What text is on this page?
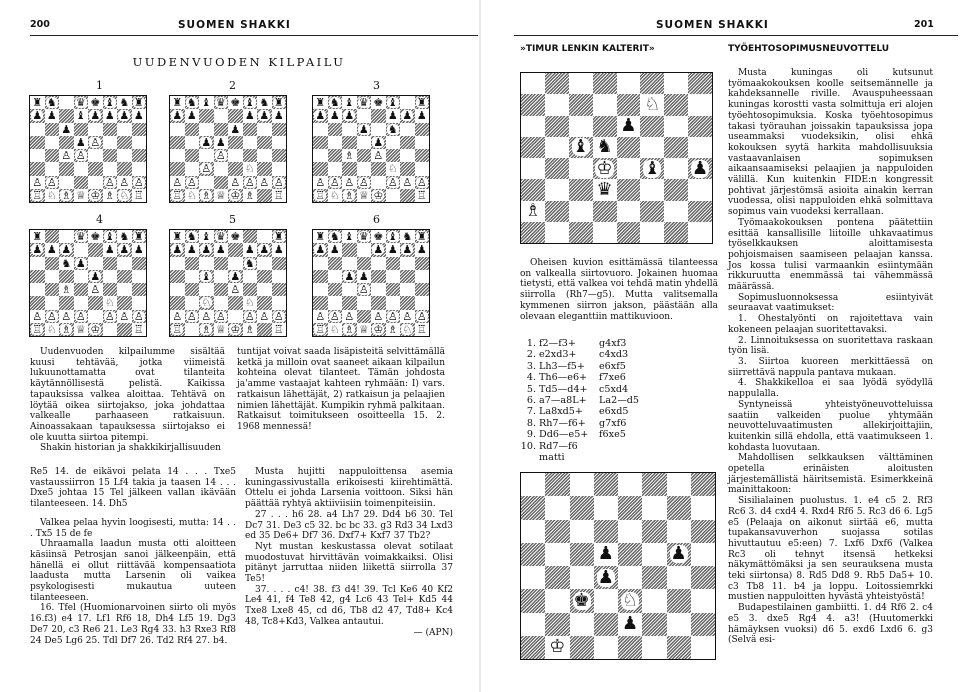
200	SUOMEN SHAKKI
UUDENVUODEN KILPAILU
1	2	3
♜ ♞ ♛ ♚ ♝ ♞ ♜
♟ ♟ ♝ ♟ ♟ ♟ ♟
♟
♟ ♙
♙ ♙
♙ ♙	♙ ♙ ♙
♖ ♘ ♗ ♕ ♔ ♗ ♘ ♖
♜ ♞ ♝ ♛ ♚ ♝ ♞ ♜
♟ ♟	♟ ♟ ♟
♟
♟ ♟
♙
♙	♘
♙ ♙	♙ ♙ ♙ ♙
♖ ♘ ♗ ♕ ♔ ♗ ♖
♜ ♞ ♝ ♛ ♚ ♝ ♜
♟ ♟ ♟	♟ ♟ ♟
♟ ♞
♟
♗ ♙
♘
♙ ♙ ♙ ♙ ♙ ♙ ♙
♖ ♘ ♗ ♕ ♔	♖
4	5	6
♜	♛ ♚ ♝ ♞ ♜
♟ ♟ ♟	♟ ♟ ♟
♞ ♟
♟
♗ ♙
♘
♙ ♙ ♙ ♙ ♙ ♙ ♙
♖ ♘ ♗ ♕ ♔	♖
♜ ♞ ♝ ♛ ♚	♜
♟ ♟ ♟ ♟ ♟ ♟ ♟
♞
♝ ♟
♙
♘	♘
♙ ♙ ♙ ♙ ♙ ♙ ♙
♖ ♗ ♕ ♔ ♗ ♖
♜ ♞ ♝ ♛ ♚ ♝ ♞ ♜
♟ ♟	♟ ♟ ♟ ♟
♟ ♟
♙
♙ ♙ ♙ ♙ ♙ ♙ ♙
♖ ♘ ♗ ♕ ♔ ♗ ♘ ♖

Uudenvuoden kilpailumme sisältää kuusi tehtävää, jotka viimeistä lukuunottamatta ovat tilanteita käytännöllisestä pelistä. Kaikissa tapauksissa valkea aloittaa. Tehtävä on löytää oikea siirtojakso, joka johdattaa valkealle parhaaseen ratkaisuun. Ainoassakaan tapauksessa siirtojakso ei ole kuutta siirtoa pitempi.

Shakin historian ja shakkikirjallisuuden

tuntijat voivat saada lisäpisteitä selvittämällä ketkä ja milloin ovat saaneet aikaan kilpailun kohteina olevat tilanteet. Tämän johdosta ja'amme vastaajat kahteen ryhmään: I) vars. ratkaisun lähettäjät, 2) ratkaisun ja pelaajien nimien lähettäjät. Kumpikin ryhmä palkitaan. Ratkaisut toimitukseen osoitteella 15. 2. 1968 mennessä!

Re5 14. de eikävoi pelata 14 . . . Txe5 vastaussiirron 15 Lf4 takia ja taasen 14 . . . Dxe5 johtaa 15 Tel jälkeen vallan ikävään tilanteeseen. 14. Dh5

Valkea pelaa hyvin loogisesti, mutta: 14 . . . Tx5 15 de fe

Uhraamalla laadun musta otti aloitteen käsiinsä Petrosjan sanoi jälkeenpäin, että hänellä ei ollut riittävää kompensaatiota laadusta mutta Larsenin oli vaikea psykologisesti mukautua uuteen tilanteeseen.

16. Tfel (Huomionarvoinen siirto oli myös 16.f3) e4 17. Lf1 Rf6 18, Dh4 Lf5 19. Dg3 De7 20, c3 Re6 21. Le3 Rg4 33. h3 Rxe3 Rf8 24 De5 Lg6 25. Tdl Df7 26. Td2 Rf4 27. b4.

Musta hujitti nappuloittensa asemia kuningassivustalla erikoisesti kiirehtimättä. Ottelu ei johda Larsenia voittoon. Siksi hän päättää ryhtyä aktiiviisiin toimenpiteisiin.

27 . . . h6 28. a4 Lh7 29. Dd4 b6 30. Tel Dc7 31. De3 c5 32. bc bc 33. g3 Rd3 34 Lxd3 ed 35 De6+ Df7 36. Dxf7+ Kxf7 37 Tb2?

Nyt mustan keskustassa olevat sotilaat muodostuvat hirvittävän voimakkaiksi. Olisi pitänyt jarruttaa niiden liikettä siirrolla 37 Te5!

37. . . . c4! 38. f3 d4! 39. Tcl Ke6 40 Kf2 Le4 41, f4 Te8 42, g4 Lc6 43 Tel+ Kd5 44 Txe8 Lxe8 45, cd d6, Tb8 d2 47, Td8+ Kc4 48, Tc8+Kd3, Valkea antautui.

— (APN)

SUOMEN SHAKKI	201
»TIMUR LENKIN KALTERIT»	TYÖEHTOSOPIMUSNEUVOTTELU
♘
♟
♝ ♞
♔ ♝ ♟
♛
♗

Oheisen kuvion esittämässä tilanteessa on valkealla siirtovuoro. Jokainen huomaa tietysti, että valkea voi tehdä matin yhdellä siirrolla (Rh7—g5). Mutta valitsemalla kymmenen siirron jakson, päästään alla olevaan eleganttiin mattikuvioon.

1. f2—f3+	g4xf3
2. e2xd3+	c4xd3
3. Lh3—f5+	e6xf5
4. Th6—e6+	f7xe6
5. Td5—d4+	c5xd4
6. a7—a8L+	La2—d5
7. La8xd5+	e6xd5
8. Rh7—f6+	g7xf6
9. Dd6—e5+	f6xe5
10. Rd7—f6 matti
♟	♟
♟
♚ ♘
♟
♔

Musta kuningas oli kutsunut työmaakokouksen koolle seitsemännelle ja kahdeksannelle riville. Avauspuheessaan kuningas korostti vasta solmittuja eri alojen työehtosopimuksia. Koska työehtosopimus takasi työrauhan joissakin tapauksissa jopa useammaksi vuodeksikin, olisi ehkä kokouksen syytä harkita mahdollisuuksia vastaavanlaisen sopimuksen aikaansaamiseksi pelaajien ja nappuloiden välillä. Kun kuitenkin FIDE:n kongressit pohtivat järjestömsä asioita ainakin kerran vuodessa, olisi nappuloiden ehkä solmittava sopimus vain vuodeksi kerrallaan.

Työmaakokouksen pontena päätettiin esittää kansallisille liitoille uhkavaatimus työselkkauksen aloittamisesta pohjoismaisen saamiseen pelaajan kanssa. Jos kossa tulisi varmaankin esiintymään rikkuruutta enemmässä tai vähemmässä määrässä.

Sopimusluonnoksessa esiintyivät seuraavat vaatimukset:

1. Ohestalyönti on rajoitettava vain kokeneen pelaajan suoritettavaksi.

2. Linnoituksessa on suoritettava raskaan työn lisä.

3. Siirtoa kuoreen merkittäessä on siirrettävä nappula pantava mukaan.

4. Shakkikelloa ei saa lyödä syödyllä nappulalla.

Syntyneissä yhteistyöneuvotteluissa saatiin valkeiden puolue yhtymään neuvotteluvaatimusten allekirjoittajiin, kuitenkin sillä ehdolla, että vaatimukseen 1. kohdasta luovutaan.

Mahdollisen selkkauksen välttäminen opetella erinäisten aloitusten järjestemällistä häiritsemistä. Esimerkkeinä mainittakoon:

Sisilialainen puolustus. 1. e4 c5 2. Rf3 Rc6 3. d4 cxd4 4. Rxd4 Rf6 5. Rc3 d6 6. Lg5 e5 (Pelaaja on aikonut siirtää e6, mutta tupakansavuverhon suojassa sotilas hivuttautuu e5:een) 7. Lxf6 Dxf6 (Valkea Rc3 oli tehnyt itsensä hetkeksi näkymättömäksi ja sen seurauksena musta teki siirtonsa) 8. Rd5 Dd8 9. Rb5 Da5+ 10. c3 Tb8 11. b4 ja loppu. Loitossiemrkki mustien nappuloitten hyvästä yhteistyöstä!

Budapestilainen gambiitti. 1. d4 Rf6 2. c4 e5 3. dxe5 Rg4 4. a3! (Huutomerkki hämäyksen vuoksi) d6 5. exd6 Lxd6 6. g3 (Selvä esi-
